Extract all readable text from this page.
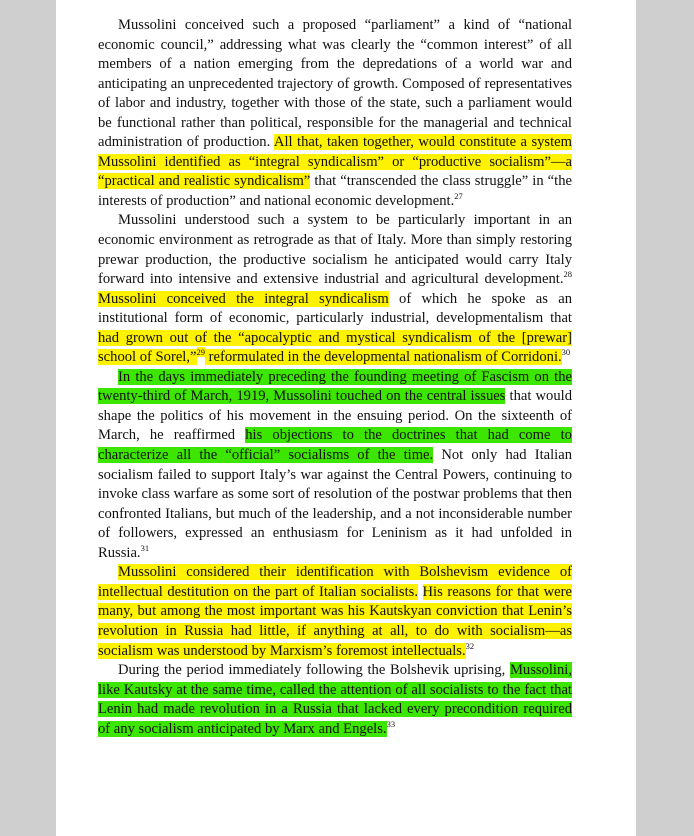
Mussolini conceived such a proposed “parliament” a kind of “national economic council,” addressing what was clearly the “common interest” of all members of a nation emerging from the depredations of a world war and anticipating an unprecedented trajectory of growth. Composed of representatives of labor and industry, together with those of the state, such a parliament would be functional rather than political, responsible for the managerial and technical administration of production. All that, taken together, would constitute a system Mussolini identified as “integral syndicalism” or “productive socialism”—a “practical and realistic syndicalism” that “transcended the class struggle” in “the interests of production” and national economic development.$^{27}$

Mussolini understood such a system to be particularly important in an economic environment as retrograde as that of Italy. More than simply restoring prewar production, the productive socialism he anticipated would carry Italy forward into intensive and extensive industrial and agricultural development.$^{28}$ Mussolini conceived the integral syndicalism of which he spoke as an institutional form of economic, particularly industrial, developmentalism that had grown out of the “apocalyptic and mystical syndicalism of the [prewar] school of Sorel,”$^{29}$ reformulated in the developmental nationalism of Corridoni.$^{30}$

In the days immediately preceding the founding meeting of Fascism on the twenty-third of March, 1919, Mussolini touched on the central issues that would shape the politics of his movement in the ensuing period. On the sixteenth of March, he reaffirmed his objections to the doctrines that had come to characterize all the “official” socialisms of the time. Not only had Italian socialism failed to support Italy’s war against the Central Powers, continuing to invoke class warfare as some sort of resolution of the postwar problems that then confronted Italians, but much of the leadership, and a not inconsiderable number of followers, expressed an enthusiasm for Leninism as it had unfolded in Russia.$^{31}$

Mussolini considered their identification with Bolshevism evidence of intellectual destitution on the part of Italian socialists. His reasons for that were many, but among the most important was his Kautskyan conviction that Lenin’s revolution in Russia had little, if anything at all, to do with socialism—as socialism was understood by Marxism’s foremost intellectuals.$^{32}$

During the period immediately following the Bolshevik uprising, Mussolini, like Kautsky at the same time, called the attention of all socialists to the fact that Lenin had made revolution in a Russia that lacked every precondition required of any socialism anticipated by Marx and Engels.$^{33}$
